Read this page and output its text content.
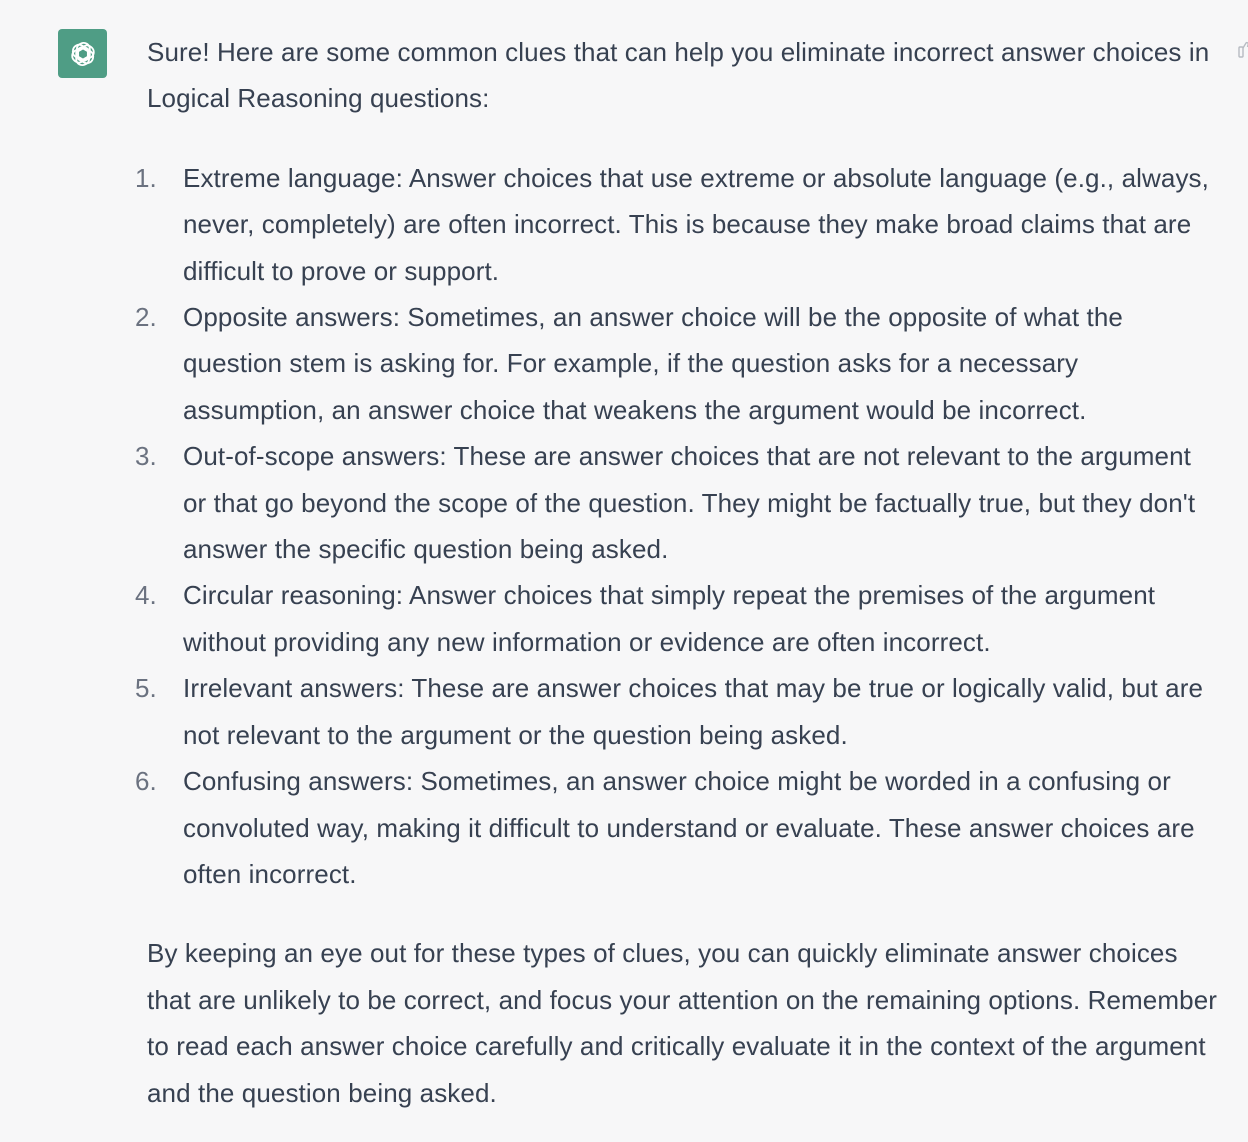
Sure! Here are some common clues that can help you eliminate incorrect answer choices in Logical Reasoning questions:

1.	Extreme language: Answer choices that use extreme or absolute language (e.g., always, never, completely) are often incorrect. This is because they make broad claims that are difficult to prove or support.
2.	Opposite answers: Sometimes, an answer choice will be the opposite of what the question stem is asking for. For example, if the question asks for a necessary assumption, an answer choice that weakens the argument would be incorrect.
3.	Out-of-scope answers: These are answer choices that are not relevant to the argument or that go beyond the scope of the question. They might be factually true, but they don't answer the specific question being asked.
4.	Circular reasoning: Answer choices that simply repeat the premises of the argument without providing any new information or evidence are often incorrect.
5.	Irrelevant answers: These are answer choices that may be true or logically valid, but are not relevant to the argument or the question being asked.
6.	Confusing answers: Sometimes, an answer choice might be worded in a confusing or convoluted way, making it difficult to understand or evaluate. These answer choices are often incorrect.

By keeping an eye out for these types of clues, you can quickly eliminate answer choices that are unlikely to be correct, and focus your attention on the remaining options. Remember to read each answer choice carefully and critically evaluate it in the context of the argument and the question being asked.
